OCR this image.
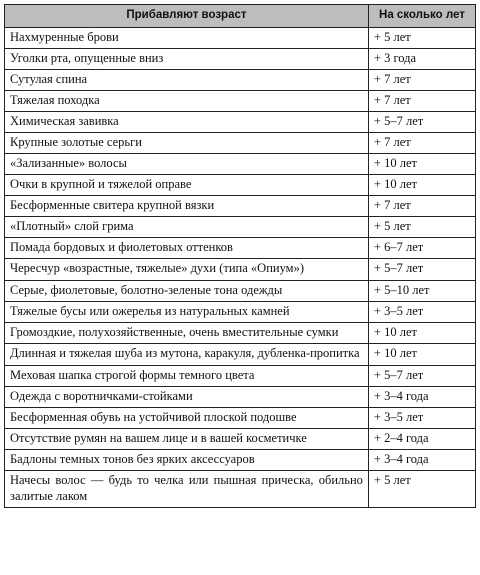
Прибавляют возраст	На сколько лет
Нахмуренные брови	+ 5 лет
Уголки рта, опущенные вниз	+ 3 года
Сутулая спина	+ 7 лет
Тяжелая походка	+ 7 лет
Химическая завивка	+ 5–7 лет
Крупные золотые серьги	+ 7 лет
«Зализанные» волосы	+ 10 лет
Очки в крупной и тяжелой оправе	+ 10 лет
Бесформенные свитера крупной вязки	+ 7 лет
«Плотный» слой грима	+ 5 лет
Помада бордовых и фиолетовых оттенков	+ 6–7 лет
Чересчур «возрастные, тяжелые» духи (типа «Опиум»)	+ 5–7 лет
Серые, фиолетовые, болотно-зеленые тона одежды	+ 5–10 лет
Тяжелые бусы или ожерелья из натуральных камней	+ 3–5 лет
Громоздкие, полухозяйственные, очень вместительные сумки	+ 10 лет
Длинная и тяжелая шуба из мутона, каракуля, дубленка-пропитка	+ 10 лет
Меховая шапка строгой формы темного цвета	+ 5–7 лет
Одежда с воротничками-стойками	+ 3–4 года
Бесформенная обувь на устойчивой плоской подошве	+ 3–5 лет
Отсутствие румян на вашем лице и в вашей косметичке	+ 2–4 года
Бадлоны темных тонов без ярких аксессуаров	+ 3–4 года
Начесы волос — будь то челка или пышная прическа, обильно залитые лаком	+ 5 лет
